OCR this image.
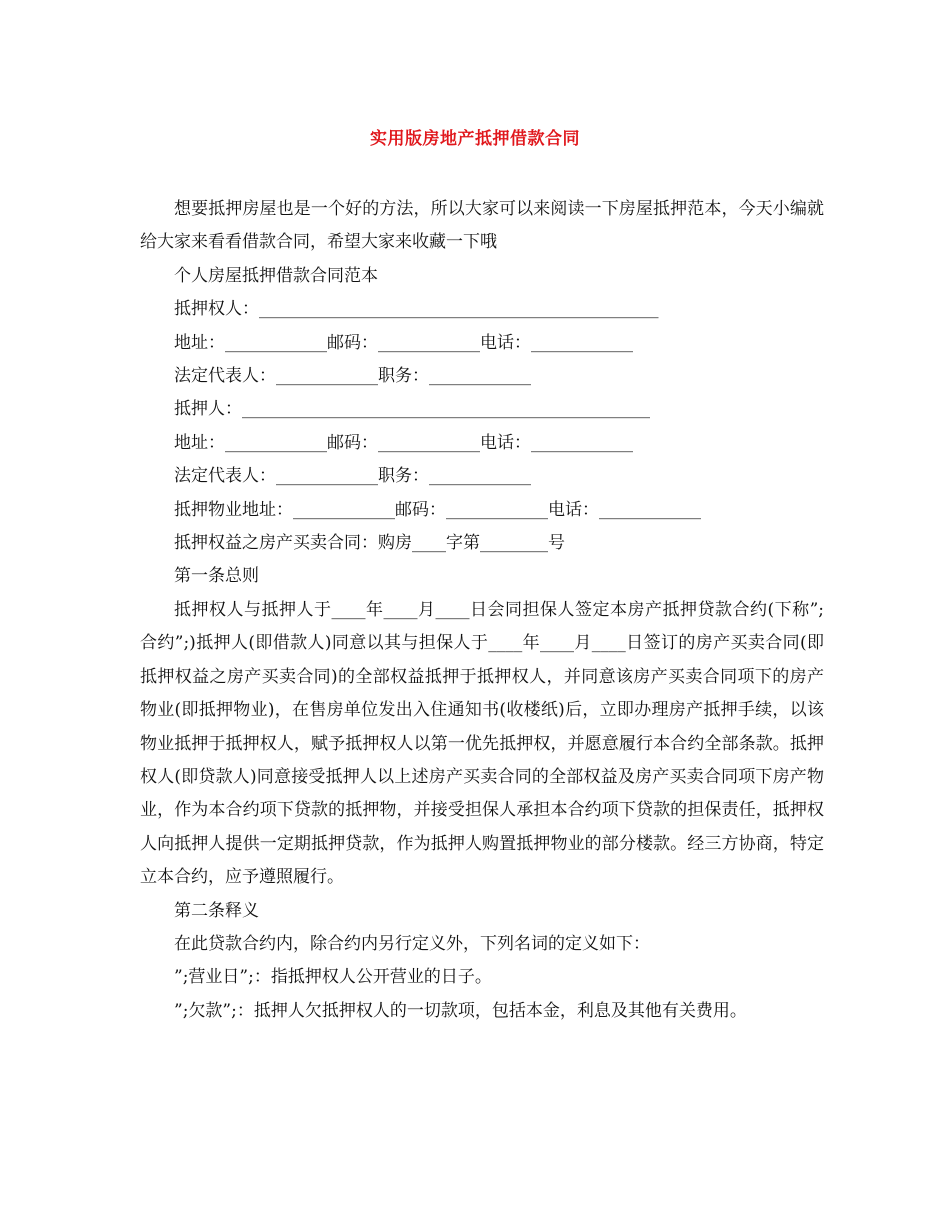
实用版房地产抵押借款合同

想要抵押房屋也是一个好的方法，所以大家可以来阅读一下房屋抵押范本，今天小编就给大家来看看借款合同，希望大家来收藏一下哦

个人房屋抵押借款合同范本

抵押权人：_______________________________________________

地址：____________邮码：____________电话：____________

法定代表人：____________职务：____________

抵押人：________________________________________________

地址：____________邮码：____________电话：____________

法定代表人：____________职务：____________

抵押物业地址：____________邮码：____________电话：____________

抵押权益之房产买卖合同：购房____字第________号

第一条总则

抵押权人与抵押人于____年____月____日会同担保人签定本房产抵押贷款合约(下称”;合约”;)抵押人(即借款人)同意以其与担保人于____年____月____日签订的房产买卖合同(即抵押权益之房产买卖合同)的全部权益抵押于抵押权人，并同意该房产买卖合同项下的房产物业(即抵押物业)，在售房单位发出入住通知书(收楼纸)后，立即办理房产抵押手续，以该物业抵押于抵押权人，赋予抵押权人以第一优先抵押权，并愿意履行本合约全部条款。抵押权人(即贷款人)同意接受抵押人以上述房产买卖合同的全部权益及房产买卖合同项下房产物业，作为本合约项下贷款的抵押物，并接受担保人承担本合约项下贷款的担保责任，抵押权人向抵押人提供一定期抵押贷款，作为抵押人购置抵押物业的部分楼款。经三方协商，特定立本合约，应予遵照履行。

第二条释义

在此贷款合约内，除合约内另行定义外，下列名词的定义如下：

”;营业日”;：指抵押权人公开营业的日子。

”;欠款”;：抵押人欠抵押权人的一切款项，包括本金，利息及其他有关费用。
